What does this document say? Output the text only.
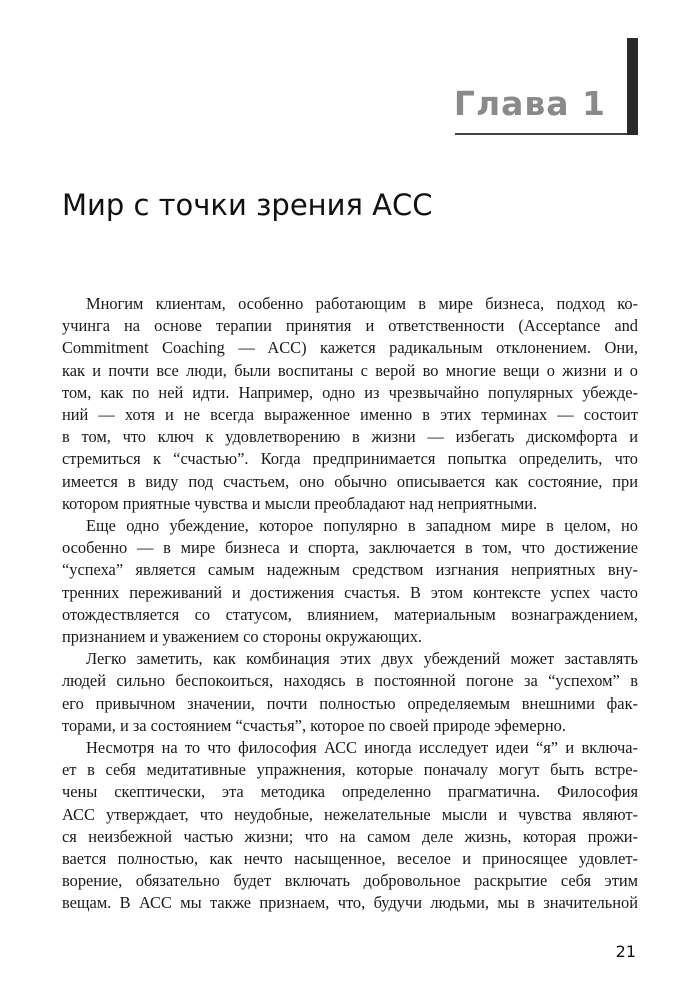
Глава 1
Мир с точки зрения АСС
Многим клиентам, особенно работающим в мире бизнеса, подход ко-
учинга на основе терапии принятия и ответственности (Acceptance and
Commitment Coaching — ACC) кажется радикальным отклонением. Они,
как и почти все люди, были воспитаны с верой во многие вещи о жизни и о
том, как по ней идти. Например, одно из чрезвычайно популярных убежде-
ний — хотя и не всегда выраженное именно в этих терминах — состоит
в том, что ключ к удовлетворению в жизни — избегать дискомфорта и
стремиться к “счастью”. Когда предпринимается попытка определить, что
имеется в виду под счастьем, оно обычно описывается как состояние, при
котором приятные чувства и мысли преобладают над неприятными.
Еще одно убеждение, которое популярно в западном мире в целом, но
особенно — в мире бизнеса и спорта, заключается в том, что достижение
“успеха” является самым надежным средством изгнания неприятных вну-
тренних переживаний и достижения счастья. В этом контексте успех часто
отождествляется со статусом, влиянием, материальным вознаграждением,
признанием и уважением со стороны окружающих.
Легко заметить, как комбинация этих двух убеждений может заставлять
людей сильно беспокоиться, находясь в постоянной погоне за “успехом” в
его привычном значении, почти полностью определяемым внешними фак-
торами, и за состоянием “счастья”, которое по своей природе эфемерно.
Несмотря на то что философия АСС иногда исследует идеи “я” и включа-
ет в себя медитативные упражнения, которые поначалу могут быть встре-
чены скептически, эта методика определенно прагматична. Философия
АСС утверждает, что неудобные, нежелательные мысли и чувства являют-
ся неизбежной частью жизни; что на самом деле жизнь, которая прожи-
вается полностью, как нечто насыщенное, веселое и приносящее удовлет-
ворение, обязательно будет включать добровольное раскрытие себя этим
вещам. В АСС мы также признаем, что, будучи людьми, мы в значительной
21
